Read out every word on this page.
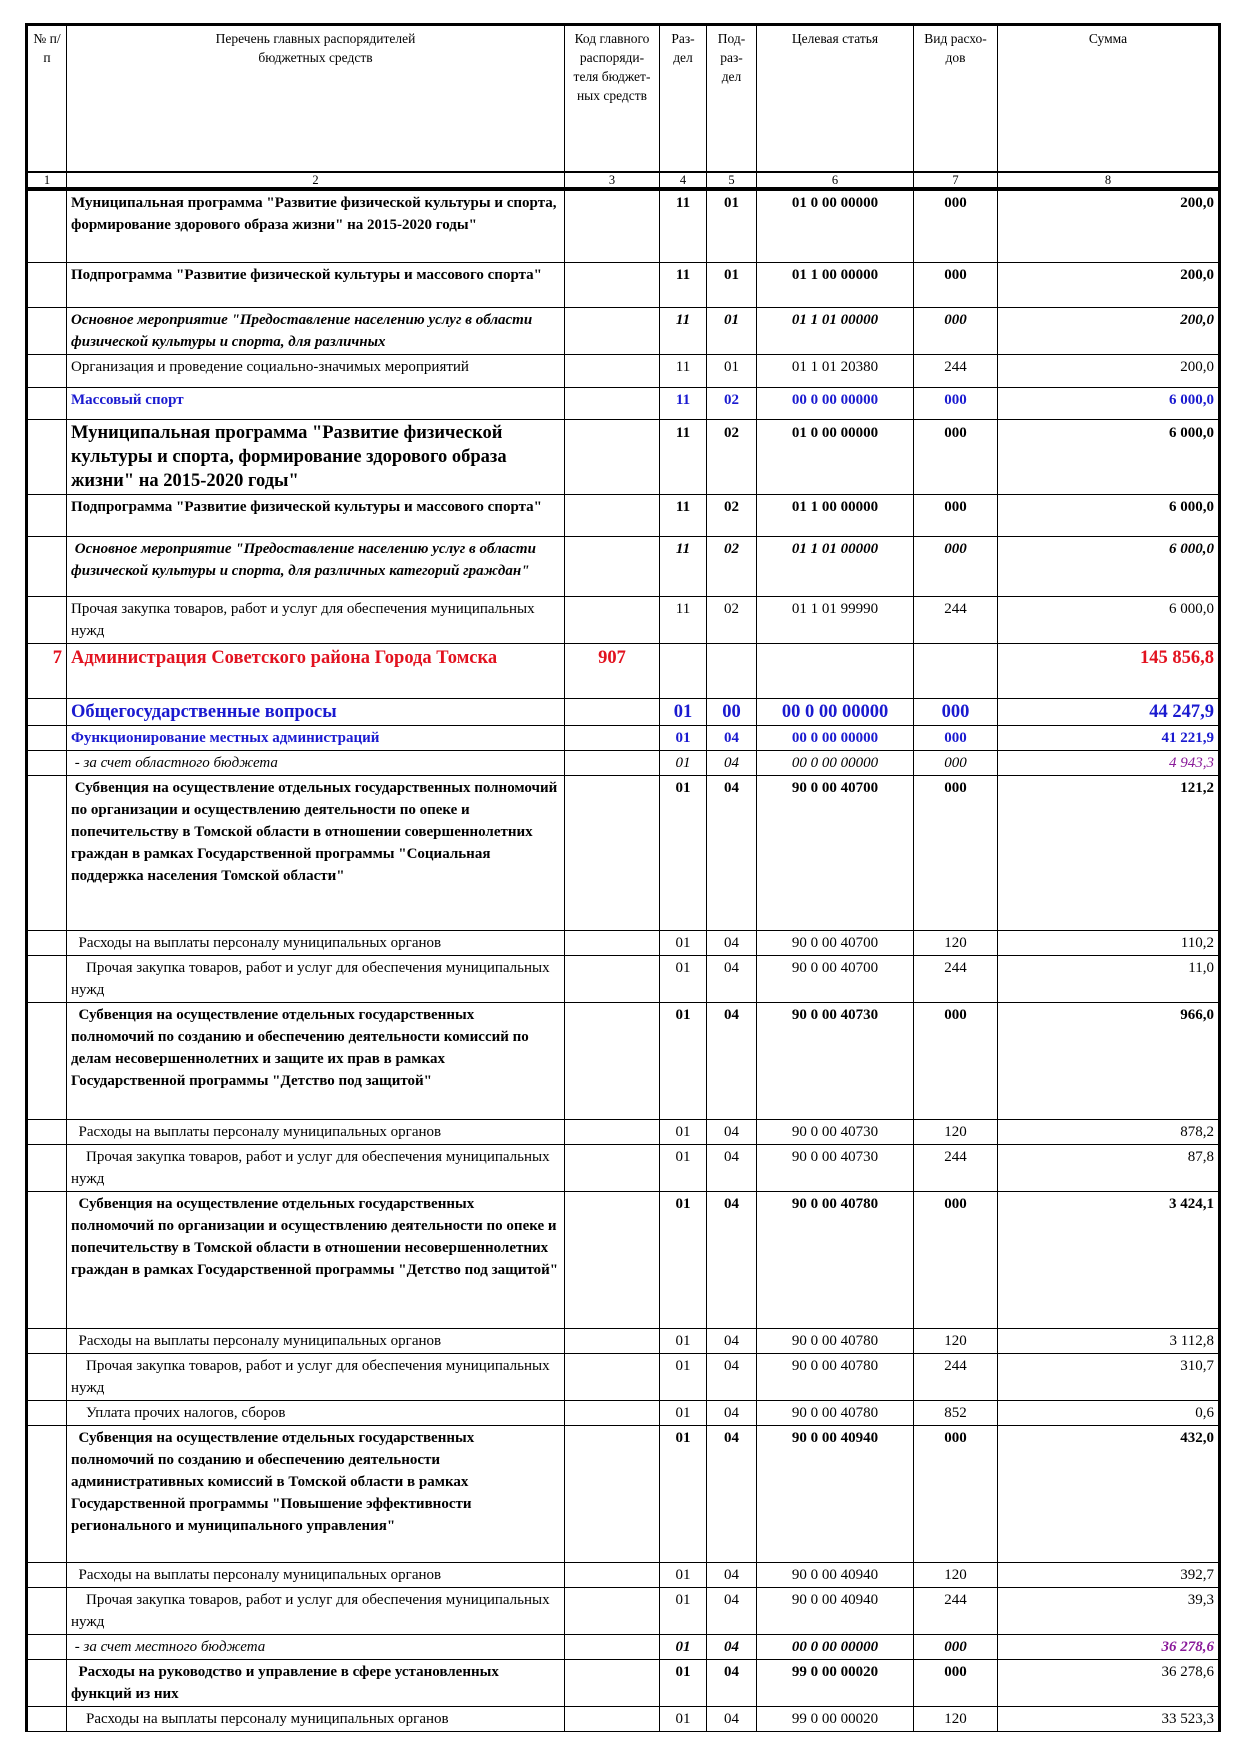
№ п/п	Перечень главных распорядителей бюджетных средств	Код главного распоряди-теля бюджет-ных средств	Раз-дел	Под-раз-дел	Целевая статья	Вид расхо-дов	Сумма
1	2	3	4	5	6	7	8
	Муниципальная программа "Развитие физической культуры и спорта, формирование здорового образа жизни" на 2015-2020 годы"		11	01	01 0 00 00000	000	200,0
	Подпрограмма "Развитие физической культуры и массового спорта"		11	01	01 1 00 00000	000	200,0
	Основное мероприятие "Предоставление населению услуг в области физической культуры и спорта, для различных		11	01	01 1 01 00000	000	200,0
	Организация и проведение социально-значимых мероприятий		11	01	01 1 01 20380	244	200,0
	Массовый спорт		11	02	00 0 00 00000	000	6 000,0
	Муниципальная программа "Развитие физической культуры и спорта, формирование здорового образа жизни" на 2015-2020 годы"		11	02	01 0 00 00000	000	6 000,0
	Подпрограмма "Развитие физической культуры и массового спорта"		11	02	01 1 00 00000	000	6 000,0
	Основное мероприятие "Предоставление населению услуг в области физической культуры и спорта, для различных категорий граждан"		11	02	01 1 01 00000	000	6 000,0
	Прочая закупка товаров, работ и услуг для обеспечения муниципальных нужд		11	02	01 1 01 99990	244	6 000,0
7	Администрация Советского района Города Томска	907					145 856,8
	Общегосударственные вопросы		01	00	00 0 00 00000	000	44 247,9
	Функционирование местных администраций		01	04	00 0 00 00000	000	41 221,9
	- за счет областного бюджета		01	04	00 0 00 00000	000	4 943,3
	Субвенция на осуществление отдельных государственных полномочий по организации и осуществлению деятельности по опеке и попечительству в Томской области в отношении совершеннолетних граждан в рамках Государственной программы "Социальная поддержка населения Томской области"		01	04	90 0 00 40700	000	121,2
	Расходы на выплаты персоналу муниципальных органов		01	04	90 0 00 40700	120	110,2
	Прочая закупка товаров, работ и услуг для обеспечения муниципальных нужд		01	04	90 0 00 40700	244	11,0
	Субвенция на осуществление отдельных государственных полномочий по созданию и обеспечению деятельности комиссий по делам несовершеннолетних и защите их прав в рамках Государственной программы "Детство под защитой"		01	04	90 0 00 40730	000	966,0
	Расходы на выплаты персоналу муниципальных органов		01	04	90 0 00 40730	120	878,2
	Прочая закупка товаров, работ и услуг для обеспечения муниципальных нужд		01	04	90 0 00 40730	244	87,8
	Субвенция на осуществление отдельных государственных полномочий по организации и осуществлению деятельности по опеке и попечительству в Томской области в отношении несовершеннолетних граждан в рамках Государственной программы "Детство под защитой"		01	04	90 0 00 40780	000	3 424,1
	Расходы на выплаты персоналу муниципальных органов		01	04	90 0 00 40780	120	3 112,8
	Прочая закупка товаров, работ и услуг для обеспечения муниципальных нужд		01	04	90 0 00 40780	244	310,7
	Уплата прочих налогов, сборов		01	04	90 0 00 40780	852	0,6
	Субвенция на осуществление отдельных государственных полномочий по созданию и обеспечению деятельности административных комиссий в Томской области в рамках Государственной программы "Повышение эффективности регионального и муниципального управления"		01	04	90 0 00 40940	000	432,0
	Расходы на выплаты персоналу муниципальных органов		01	04	90 0 00 40940	120	392,7
	Прочая закупка товаров, работ и услуг для обеспечения муниципальных нужд		01	04	90 0 00 40940	244	39,3
	- за счет местного бюджета		01	04	00 0 00 00000	000	36 278,6
	Расходы на руководство и управление в сфере установленных функций из них		01	04	99 0 00 00020	000	36 278,6
	Расходы на выплаты персоналу муниципальных органов		01	04	99 0 00 00020	120	33 523,3
